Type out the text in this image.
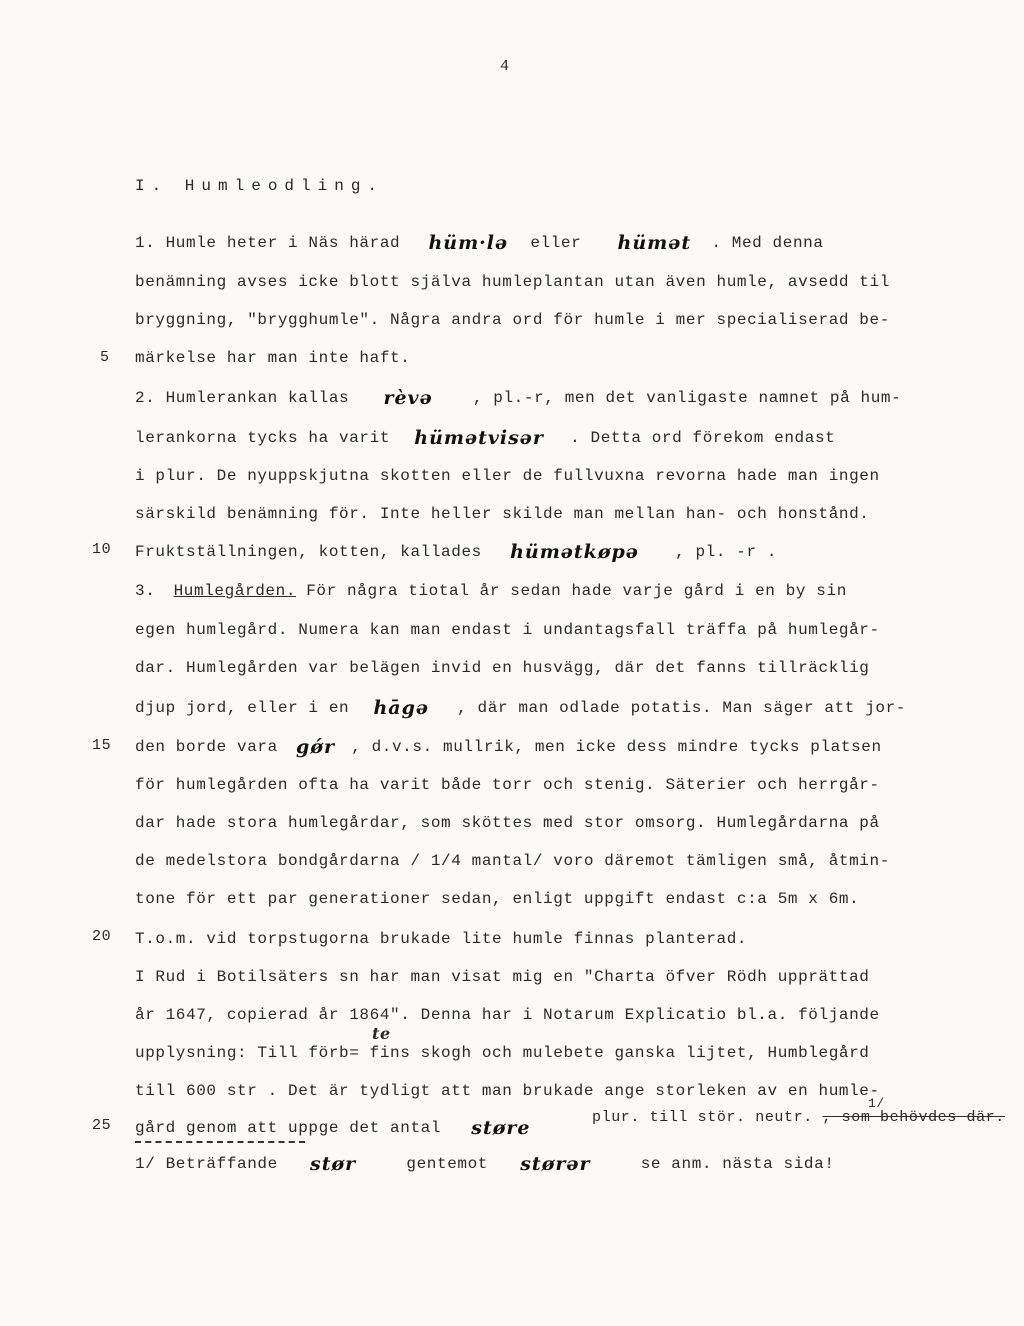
4
I. Humleodling.
5
10
15
20
25
1. Humle heter i Näs härad hüm·lə eller hümət . Med denna
benämning avses icke blott själva humleplantan utan även humle, avsedd til
bryggning, "brygghumle". Några andra ord för humle i mer specialiserad be-
märkelse har man inte haft.
2. Humlerankan kallas rèvə	, pl.-r, men det vanligaste namnet på hum-
lerankorna tycks ha varit hümətvisər . Detta ord förekom endast
i plur. De nyuppskjutna skotten eller de fullvuxna revorna hade man ingen
särskild benämning för. Inte heller skilde man mellan han- och honstånd.
Fruktställningen, kotten, kallades hümətkøpə , pl. -r .
3. Humlegården. För några tiotal år sedan hade varje gård i en by sin
egen humlegård. Numera kan man endast i undantagsfall träffa på humlegår-
dar. Humlegården var belägen invid en husvägg, där det fanns tillräcklig
djup jord, eller i en hāgə , där man odlade potatis. Man säger att jor-
den borde vara gǿr , d.v.s. mullrik, men icke dess mindre tycks platsen
för humlegården ofta ha varit både torr och stenig. Säterier och herrgår-
dar hade stora humlegårdar, som sköttes med stor omsorg. Humlegårdarna på
de medelstora bondgårdarna / 1/4 mantal/ voro däremot tämligen små, åtmin-
tone för ett par generationer sedan, enligt uppgift endast c:a 5m x 6m.
T.o.m. vid torpstugorna brukade lite humle finnas planterad.
I Rud i Botilsäters sn har man visat mig en "Charta öfver Rödh upprättad
år 1647, copierad år 1864". Denna har i Notarum Explicatio bl.a. följande
te
upplysning: Till förb= fins skogh och mulebete ganska lijtet, Humblegård
till 600 str . Det är tydligt att man brukade ange storleken av en humle-
gård genom att uppge det antal støre	plur. till stör. neutr. , som behövdes där.
1/
1/ Beträffande stør	gentemot størər	se anm. nästa sida!
